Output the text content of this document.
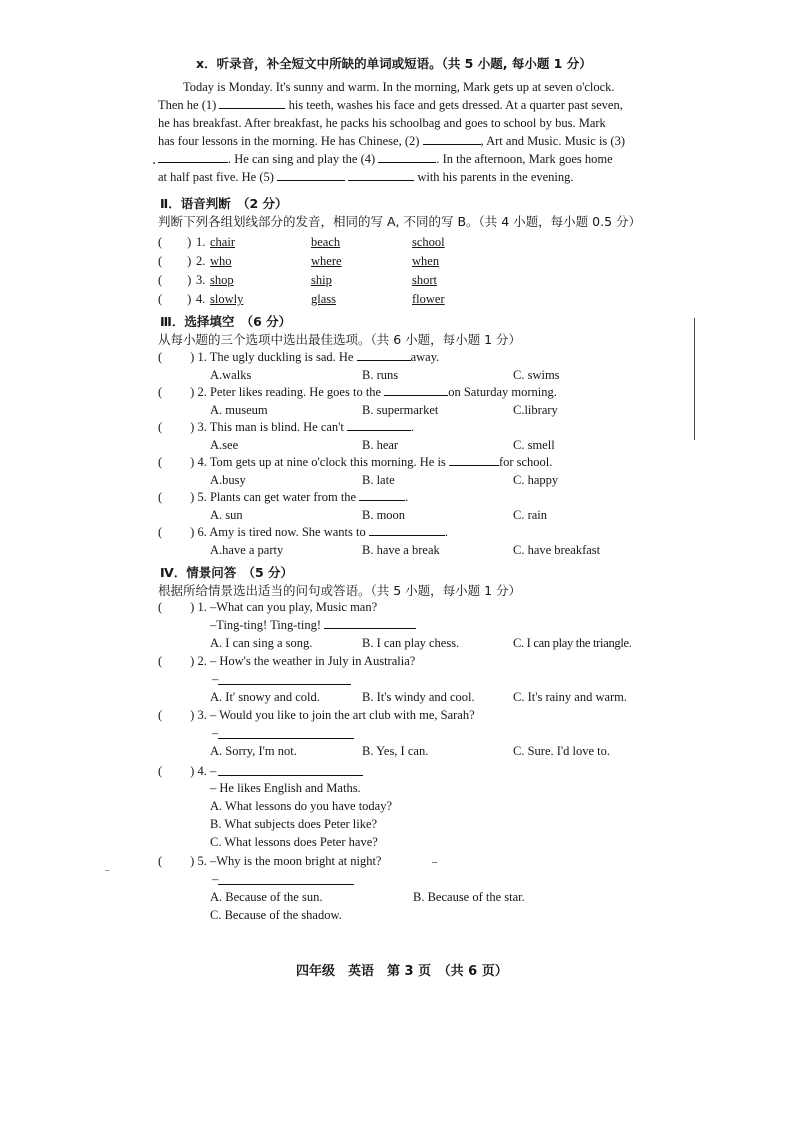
x．听录音，补全短文中所缺的单词或短语。（共 5 小题, 每小题 1 分）
Today is Monday. It's sunny and warm. In the morning, Mark gets up at seven o'clock.
Then he (1)	his teeth, washes his face and gets dressed. At a quarter past seven,
he has breakfast. After breakfast, he packs his schoolbag and goes to school by bus. Mark
has four lessons in the morning. He has Chinese, (2)	, Art and Music. Music is (3)
. He can sing and play the (4)	. In the afternoon, Mark goes home
at half past five. He (5)	with his parents in the evening.
Ⅱ．语音判断　（2 分）
判断下列各组划线部分的发音，相同的写 A, 不同的写 B。（共 4 小题，每小题 0.5 分）
(　　) 1. chair	beach	school
(　　) 2. who	where	when
(　　) 3. shop	ship	short
(　　) 4. slowly	glass	flower
Ⅲ．选择填空　（6 分）
从每小题的三个选项中选出最佳选项。（共 6 小题，每小题 1 分）
( ) 1. The ugly duckling is sad. He	away.
A.walks	B. runs	C. swims
( ) 2. Peter likes reading. He goes to the	on Saturday morning.
A. museum	B. supermarket	C.library
( ) 3. This man is blind. He can't	.
A.see	B. hear	C. smell
( ) 4. Tom gets up at nine o'clock this morning. He is	for school.
A.busy	B. late	C. happy
( ) 5. Plants can get water from the	.
A. sun	B. moon	C. rain
( ) 6. Amy is tired now. She wants to	.
A.have a party	B. have a break	C. have breakfast
Ⅳ．情景问答　（5 分）
根据所给情景选出适当的问句或答语。（共 5 小题，每小题 1 分）
( ) 1. –What can you play, Music man?
–Ting-ting! Ting-ting!
A. I can sing a song.	B. I can play chess.	C. I can play the triangle.
( ) 2. – How's the weather in July in Australia?
–
A. It' snowy and cold.	B. It's windy and cool.	C. It's rainy and warm.
( ) 3. – Would you like to join the art club with me, Sarah?
–
A. Sorry, I'm not.	B. Yes, I can.	C. Sure. I'd love to.
( ) 4. –
– He likes English and Maths.
A. What lessons do you have today?
B. What subjects does Peter like?
C. What lessons does Peter have?
( ) 5. –Why is the moon bright at night?
–
A. Because of the sun.	B. Because of the star.
C. Because of the shadow.
四年级　英语　第 3 页　（共 6 页）
